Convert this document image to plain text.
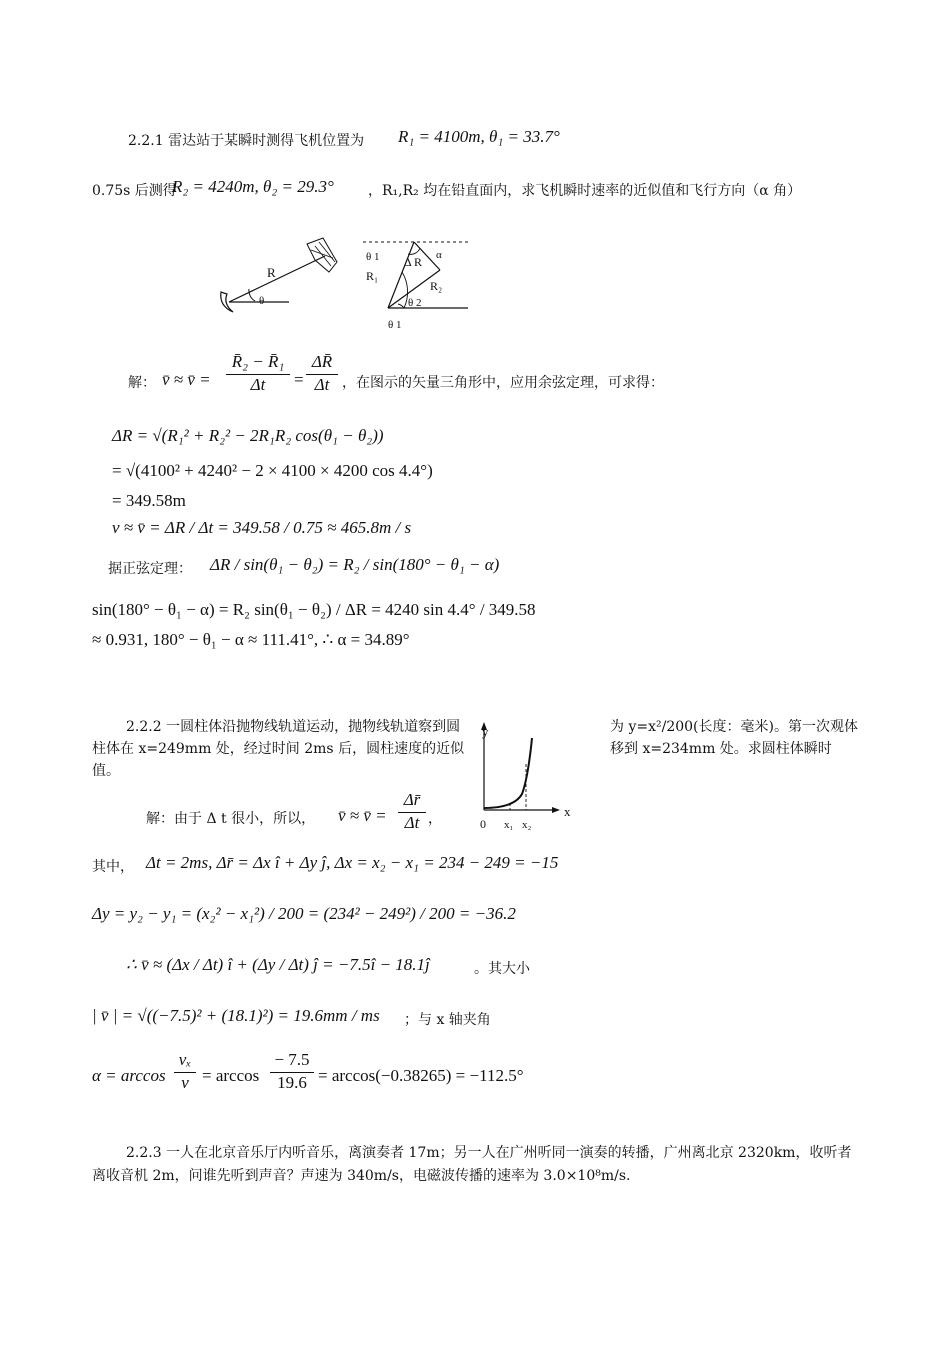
2.2.1 雷达站于某瞬时测得飞机位置为 R₁ = 4100m, θ₁ = 33.7°
0.75s 后测得
R₂ = 4240m, θ₂ = 29.3° ，R₁,R₂ 均在铅直面内，求飞机瞬时速率的近似值和飞行方向（α 角）
R
θ
θ 1
R₁
Δ R α
R₂
θ 2
θ 1
解： v̄ ≈ v̄ = $\frac{\text{R̄₂ − R̄₁}}{\Delta t} = \frac{\Delta R̄}{\Delta t}$ ，在图示的矢量三角形中，应用余弦定理，可求得：
ΔR = √(R₁² + R₂² − 2R₁R₂ cos(θ₁ − θ₂))
= √(4100² + 4240² − 2 × 4100 × 4200 cos 4.4°)
= 349.58m
v ≈ v̄ = ΔR / Δt = 349.58 / 0.75 ≈ 465.8m / s
据正弦定理： ΔR / sin(θ₁ − θ₂) = R₂ / sin(180° − θ₁ − α)
sin(180° − θ₁ − α) = R₂ sin(θ₁ − θ₂) / ΔR = 4240 sin 4.4° / 349.58
≈ 0.931, 180° − θ₁ − α ≈ 111.41°, ∴ α = 34.89°
2.2.2 一圆柱体沿抛物线轨道运动，抛物线轨道察到圆柱体在 x=249mm 处，经过时间 2ms 后，圆柱速度的近似值。
为 y=x²/200(长度：毫米)。第一次观体移到 x=234mm 处。求圆柱体瞬时
y
x
0 x₁ x₂
解：由于 Δ t 很小，所以， v̄ ≈ v̄ = $\frac{\Delta r̄}{\Delta t}$ ，
其中， Δt = 2ms, Δr̄ = Δx î + Δy ĵ, Δx = x₂ − x₁ = 234 − 249 = −15
Δy = y₂ − y₁ = (x₂² − x₁²) / 200 = (234² − 249²) / 200 = −36.2
∴ v̄ ≈ (Δx / Δt) î + (Δy / Δt) ĵ = −7.5î − 18.1ĵ	。其大小
| v̄ | = √((−7.5)² + (18.1)²) = 19.6mm / ms ；与 x 轴夹角
$\alpha = \arccos \frac{\text{vₓ}}{v} = \arccos \frac{- 7.5}{19.6} = \arccos(-0.38265) = -112.5^\circ$
2.2.3 一人在北京音乐厅内听音乐，离演奏者 17m；另一人在广州听同一演奏的转播，广州离北京 2320km，收听者离收音机 2m，问谁先听到声音？声速为 340m/s，电磁波传播的速率为 3.0×10⁸m/s.
